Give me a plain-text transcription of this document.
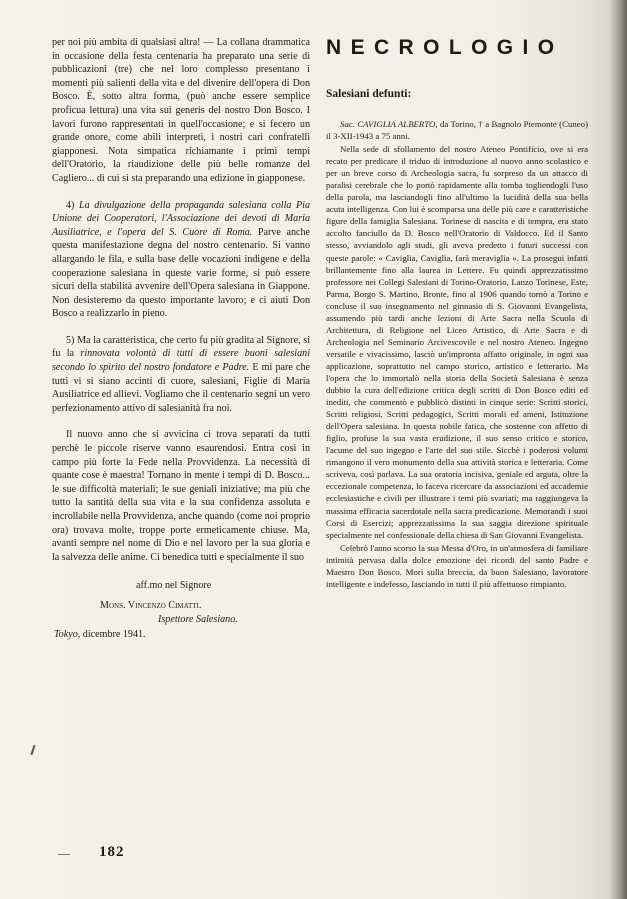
per noi più ambita di qualsiasi altra! — La collana drammatica in occasione della festa centenaria ha preparato una serie di pubblicazioni (tre) che nel loro complesso presentano i momenti più salienti della vita e del divenire dell'opera di Don Bosco. È, sotto altra forma, (può anche essere semplice proficua lettura) una vita sui generis del nostro Don Bosco. I lavori furono rappresentati in quell'occasione; e si fecero un grande onore, come abili interpreti, i nostri cari confratelli giapponesi. Nota simpatica richiamante i primi tempi dell'Oratorio, la riaudizione delle più belle romanze del Cagliero... di cui si sta preparando una edizione in giapponese.

4) La divulgazione della propaganda salesiana colla Pia Unione dei Cooperatori, l'Associazione dei devoti di Maria Ausiliatrice, e l'opera del S. Cuore di Roma. Parve anche questa manifestazione degna del nostro centenario. Si vanno allargando le fila, e sulla base delle vocazioni indigene e della cooperazione salesiana in queste varie forme, si può essere sicuri della stabilità avvenire dell'Opera salesiana in Giappone. Non desisteremo da questo importante lavoro; e ci aiuti Don Bosco a realizzarlo in pieno.

5) Ma la caratteristica, che certo fu più gradita al Signore, si fu la rinnovata volontà di tutti di essere buoni salesiani secondo lo spirito del nostro fondatore e Padre. E mi pare che tutti vi si siano accinti di cuore, salesiani, Figlie di Maria Ausiliatrice ed allievi. Vogliamo che il centenario segni un vero perfezionamento attivo di salesianità fra noi.

Il nuovo anno che si avvicina ci trova separati da tutti perchè le piccole riserve vanno esaurendosi. Entra così in campo più forte la Fede nella Provvidenza. La necessità di quante cose è maestra! Tornano in mente i tempi di D. Bosco... le sue difficoltà materiali; le sue geniali iniziative; ma più che tutto la santità della sua vita e la sua confidenza assoluta e incrollabile nella Provvidenza, anche quando (come noi proprio ora) trovava molte, troppe porte ermeticamente chiuse. Ma, avanti sempre nel nome di Dio e nel lavoro per la sua gloria e la salvezza delle anime. Ci benedica tutti e specialmente il suo

aff.mo nel Signore
Mons. Vincenzo Cimatti.
Ispettore Salesiano.
Tokyo, dicembre 1941.
NECROLOGIO
Salesiani defunti:

Sac. CAVIGLIA ALBERTO, da Torino, † a Bagnolo Piemonte (Cuneo) il 3-XII-1943 a 75 anni.

Nella sede di sfollamento del nostro Ateneo Pontificio, ove si era recato per predicare il triduo di introduzione al nuovo anno scolastico e per un breve corso di Archeologia sacra, fu sorpreso da un attacco di paralisi cerebrale che lo portò rapidamente alla tomba togliendogli l'uso della parola, ma lasciandogli fino all'ultimo la lucidità della sua bella acuta intelligenza. Con lui è scomparsa una delle più care e caratteristiche figure della famiglia Salesiana. Torinese di nascita e di tempra, era stato accolto fanciullo da D. Bosco nell'Oratorio di Valdocco. Ed il Santo stesso, avviandolo agli studi, gli aveva predetto i futuri successi con queste parole: « Caviglia, Caviglia, farà meraviglia ». La prosegui infatti brillantemente fino alla laurea in Lettere. Fu quindi apprezzatissimo professore nei Collegi Salesiani di Torino-Oratorio, Lanzo Torinese, Este, Parma, Borgo S. Martino, Bronte, fino al 1906 quando tornò a Torino e concluse il suo insegnamento nel ginnasio di S. Giovanni Evangelista, assumendo più tardi anche lezioni di Arte Sacra nella Scuola di Architettura, di Religione nel Liceo Artistico, di Arte Sacra e di Archeologia nel Seminario Arcivescovile e nel nostro Ateneo. Ingegno versatile e vivacissimo, lasciò un'impronta affatto originale, in ogni sua applicazione, soprattutto nel campo storico, artistico e letterario. Ma l'opera che lo immortalò nella storia della Società Salesiana è senza dubbio la cura dell'edizione critica degli scritti di Don Bosco editi ed inediti, che commentò e pubblicò distinti in cinque serie: Scritti storici, Scritti religiosi, Scritti pedagogici, Scritti morali ed ameni, Istituzione dell'Opera salesiana. In questa nobile fatica, che sostenne con affetto di figlio, profuse la sua vasta erudizione, il suo senso critico e storico, l'acume del suo ingegno e l'arte del suo stile. Sicchè i poderosi volumi rimangono il vero monumento della sua attività storica e letteraria. Come scriveva, così parlava. La sua oratoria incisiva, geniale ed arguta, oltre la eccezionale competenza, lo faceva ricercare da associazioni ed accademie ecclesiastiche e civili per illustrare i temi più svariati; ma raggiungeva la massima efficacia sacerdotale nella sacra predicazione. Memorandi i suoi Corsi di Esercizi; apprezzatissima la sua saggia direzione spirituale specialmente nel confessionale della chiesa di San Giovanni Evangelista.

Celebrò l'anno scorso la sua Messa d'Oro, in un'atmosfera di familiare intimità pervasa dalla dolce emozione dei ricordi del santo Padre e Maestro Don Bosco. Morì sulla breccia, da buon Salesiano, lavoratore intelligente e indefesso, lasciando in tutti il più affettuoso rimpianto.

182
